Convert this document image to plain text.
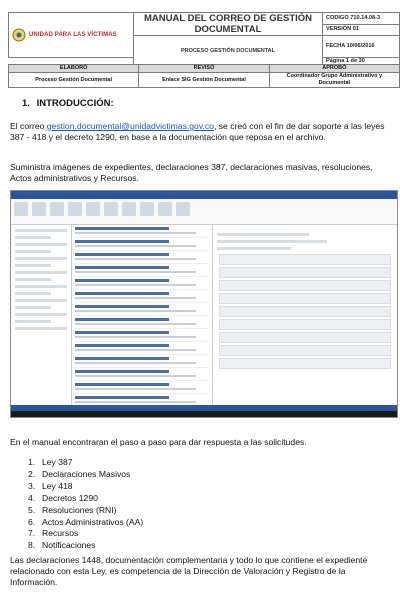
UNIDAD PARA LAS VÍCTIMAS	MANUAL DEL CORREO DE GESTIÓN DOCUMENTAL	CODIGO 710.14.08-3
		VERSIÓN 01
	PROCESO GESTIÓN DOCUMENTAL	FECHA 10/06/2016
		Página 1 de 30
ELABORÓ	REVISÓ	APROBÓ
Proceso Gestión Documental	Enlace SIG Gestión Documental	Coordinador Grupo Administrativo y Documental
1. INTRODUCCIÓN:
El correo gestion.documental@unidadvictimas.gov.co, se creó con el fin de dar soporte a las leyes 387 - 418 y el decreto 1290, en base a la documentación que reposa en el archivo.
Suministra imágenes de expedientes, declaraciones 387, declaraciones masivas, resoluciones, Actos administrativos y Recursos.
En el manual encontraran el paso a paso para dar respuesta a las solicitudes.
1. Ley 387
2. Declaraciones Masivos
3. Ley 418
4. Decretos 1290
5. Resoluciones (RNI)
6. Actos Administrativos (AA)
7. Recursos
8. Notificaciones
Las declaraciones 1448, documentación complementaria y todo lo que contiene el expediente relacionado con esta Ley, es competencia de la Dirección de Valoración y Registro de la Información.
